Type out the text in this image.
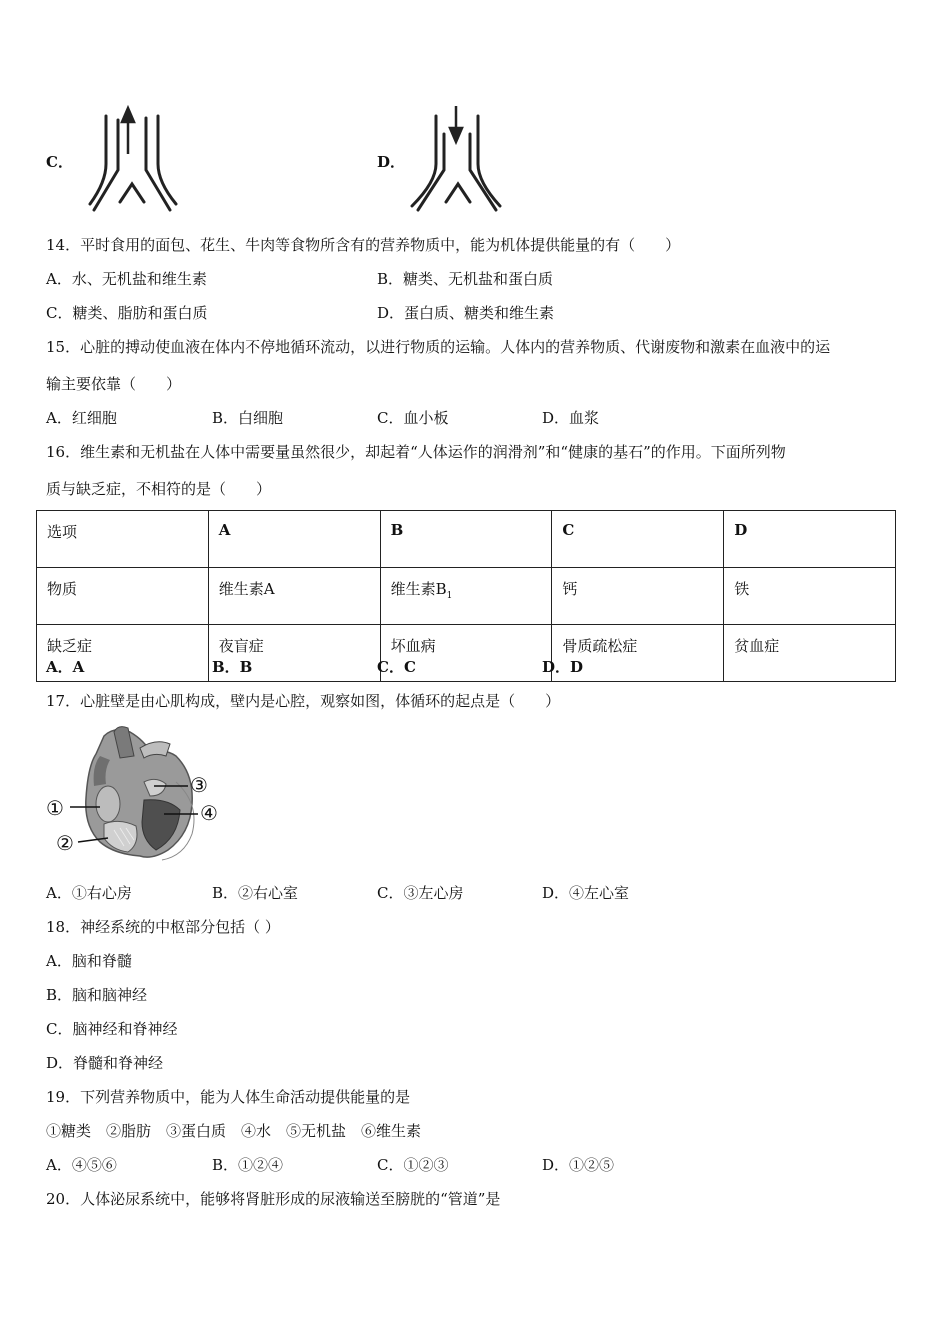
C．	D．
14．平时食用的面包、花生、牛肉等食物所含有的营养物质中，能为机体提供能量的有（　　）
A．水、无机盐和维生素	B．糖类、无机盐和蛋白质
C．糖类、脂肪和蛋白质	D．蛋白质、糖类和维生素
15．心脏的搏动使血液在体内不停地循环流动，以进行物质的运输。人体内的营养物质、代谢废物和激素在血液中的运
输主要依靠（　　）
A．红细胞	B．白细胞	C．血小板	D．血浆
16．维生素和无机盐在人体中需要量虽然很少，却起着“人体运作的润滑剂”和“健康的基石”的作用。下面所列物
质与缺乏症，不相符的是（　　）
选项	A	B	C	D
物质	维生素A	维生素$B_1$	钙	铁
缺乏症	夜盲症	坏血病	骨质疏松症	贫血症
A．A	B．B	C．C	D．D
17．心脏壁是由心肌构成，壁内是心腔，观察如图，体循环的起点是（　　）
①
②
③
④
A．①右心房	B．②右心室	C．③左心房	D．④左心室
18．神经系统的中枢部分包括（ ）
A．脑和脊髓
B．脑和脑神经
C．脑神经和脊神经
D．脊髓和脊神经
19．下列营养物质中，能为人体生命活动提供能量的是
①糖类　②脂肪　③蛋白质　④水　⑤无机盐　⑥维生素
A．④⑤⑥	B．①②④	C．①②③	D．①②⑤
20．人体泌尿系统中，能够将肾脏形成的尿液输送至膀胱的“管道”是
